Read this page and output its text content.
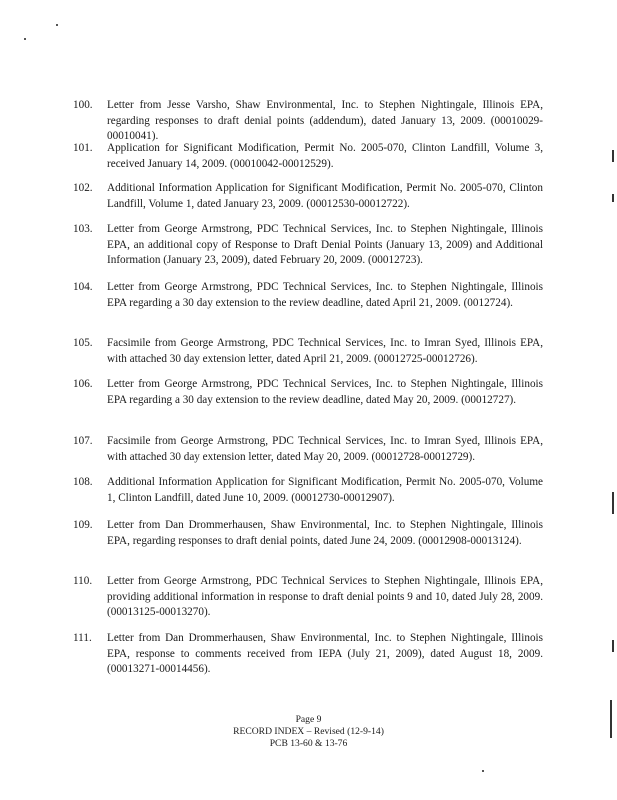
100.	Letter from Jesse Varsho, Shaw Environmental, Inc. to Stephen Nightingale, Illinois EPA, regarding responses to draft denial points (addendum), dated January 13, 2009. (00010029-00010041).
101.	Application for Significant Modification, Permit No. 2005-070, Clinton Landfill, Volume 3, received January 14, 2009. (00010042-00012529).
102.	Additional Information Application for Significant Modification, Permit No. 2005-070, Clinton Landfill, Volume 1, dated January 23, 2009. (00012530-00012722).
103.	Letter from George Armstrong, PDC Technical Services, Inc. to Stephen Nightingale, Illinois EPA, an additional copy of Response to Draft Denial Points (January 13, 2009) and Additional Information (January 23, 2009), dated February 20, 2009. (00012723).
104.	Letter from George Armstrong, PDC Technical Services, Inc. to Stephen Nightingale, Illinois EPA regarding a 30 day extension to the review deadline, dated April 21, 2009. (0012724).
105.	Facsimile from George Armstrong, PDC Technical Services, Inc. to Imran Syed, Illinois EPA, with attached 30 day extension letter, dated April 21, 2009. (00012725-00012726).
106.	Letter from George Armstrong, PDC Technical Services, Inc. to Stephen Nightingale, Illinois EPA regarding a 30 day extension to the review deadline, dated May 20, 2009. (00012727).
107.	Facsimile from George Armstrong, PDC Technical Services, Inc. to Imran Syed, Illinois EPA, with attached 30 day extension letter, dated May 20, 2009. (00012728-00012729).
108.	Additional Information Application for Significant Modification, Permit No. 2005-070, Volume 1, Clinton Landfill, dated June 10, 2009. (00012730-00012907).
109.	Letter from Dan Drommerhausen, Shaw Environmental, Inc. to Stephen Nightingale, Illinois EPA, regarding responses to draft denial points, dated June 24, 2009. (00012908-00013124).
110.	Letter from George Armstrong, PDC Technical Services to Stephen Nightingale, Illinois EPA, providing additional information in response to draft denial points 9 and 10, dated July 28, 2009. (00013125-00013270).
111.	Letter from Dan Drommerhausen, Shaw Environmental, Inc. to Stephen Nightingale, Illinois EPA, response to comments received from IEPA (July 21, 2009), dated August 18, 2009. (00013271-00014456).
Page 9
RECORD INDEX – Revised (12-9-14)
PCB 13-60 & 13-76
